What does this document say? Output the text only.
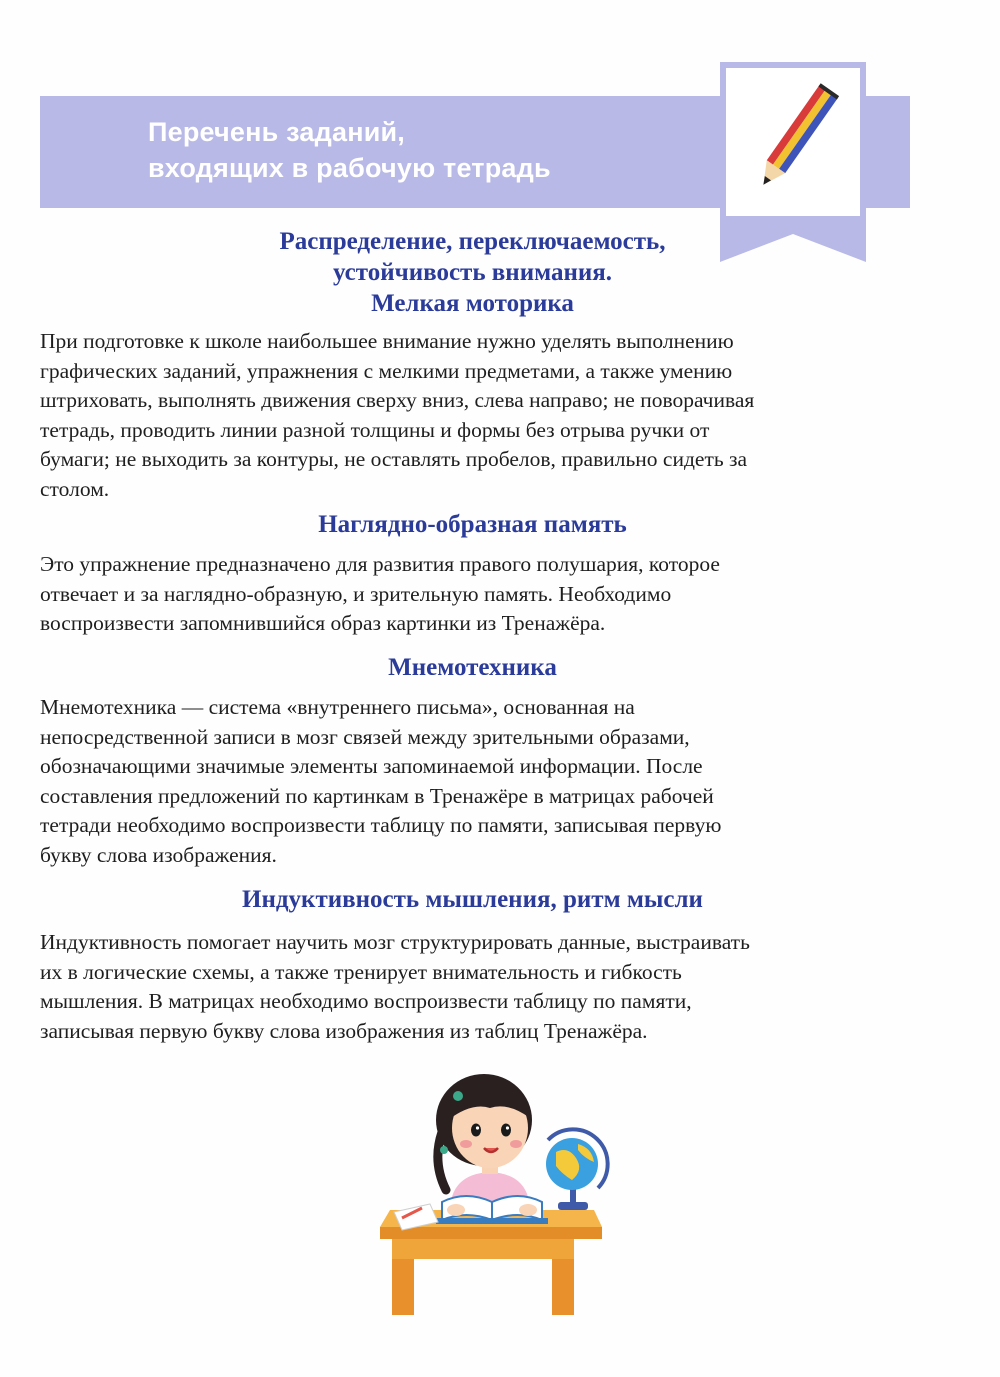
Перечень заданий,
входящих в рабочую тетрадь
Распределение, переключаемость,
устойчивость внимания.
Мелкая моторика
При подготовке к школе наибольшее внимание нужно уделять выполнению
графических заданий, упражнения с мелкими предметами, а также умению
штриховать, выполнять движения сверху вниз, слева направо; не поворачивая
тетрадь, проводить линии разной толщины и формы без отрыва ручки от
бумаги; не выходить за контуры, не оставлять пробелов, правильно сидеть за
столом.
Наглядно-образная память
Это упражнение предназначено для развития правого полушария, которое
отвечает и за наглядно-образную, и зрительную память. Необходимо
воспроизвести запомнившийся образ картинки из Тренажёра.
Мнемотехника
Мнемотехника — система «внутреннего письма», основанная на
непосредственной записи в мозг связей между зрительными образами,
обозначающими значимые элементы запоминаемой информации. После
составления предложений по картинкам в Тренажёре в матрицах рабочей
тетради необходимо воспроизвести таблицу по памяти, записывая первую
букву слова изображения.
Индуктивность мышления, ритм мысли
Индуктивность помогает научить мозг структурировать данные, выстраивать
их в логические схемы, а также тренирует внимательность и гибкость
мышления. В матрицах необходимо воспроизвести таблицу по памяти,
записывая первую букву слова изображения из таблиц Тренажёра.
